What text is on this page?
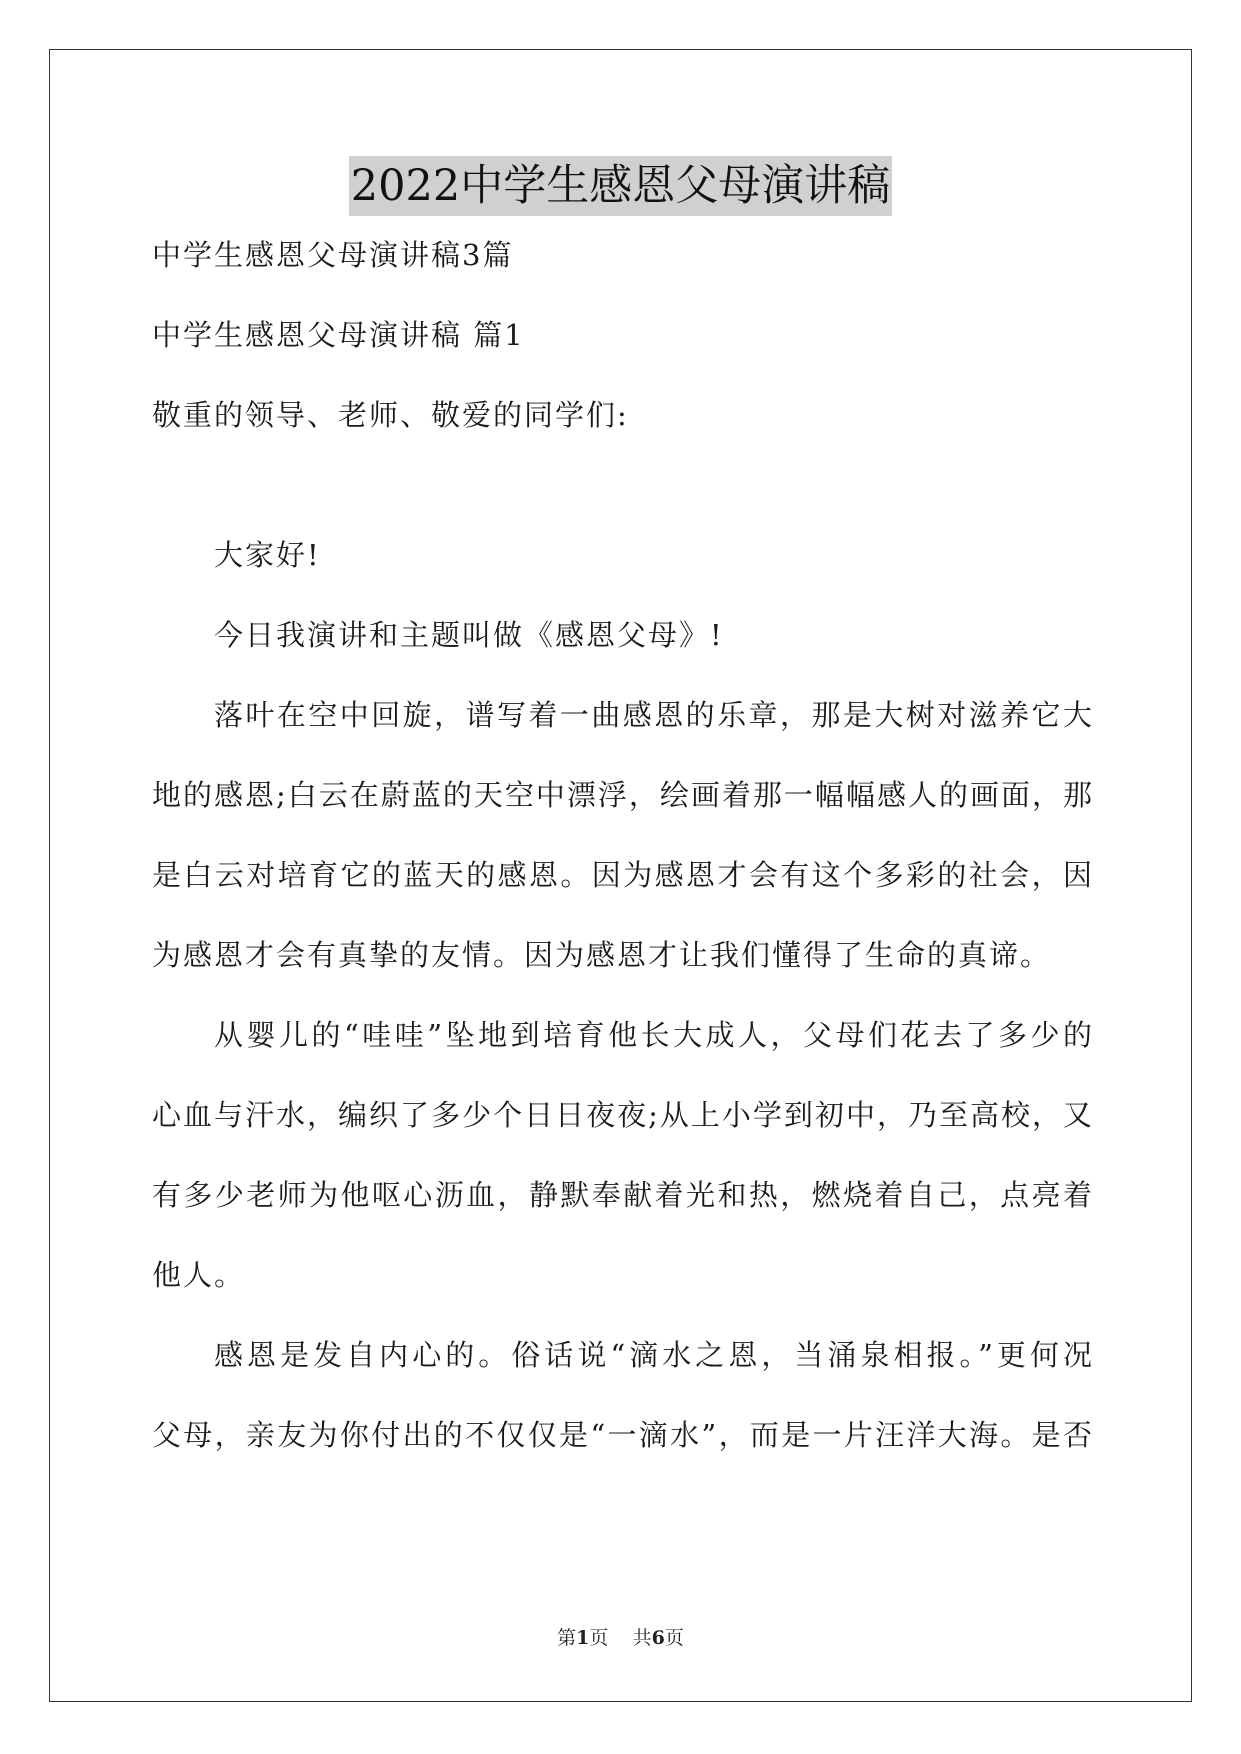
2022中学生感恩父母演讲稿
中学生感恩父母演讲稿3篇
中学生感恩父母演讲稿 篇1
敬重的领导、老师、敬爱的同学们:
大家好!
今日我演讲和主题叫做《感恩父母》!
落叶在空中回旋，谱写着一曲感恩的乐章，那是大树对滋养它大
地的感恩;白云在蔚蓝的天空中漂浮，绘画着那一幅幅感人的画面，那
是白云对培育它的蓝天的感恩。因为感恩才会有这个多彩的社会，因
为感恩才会有真挚的友情。因为感恩才让我们懂得了生命的真谛。
从婴儿的“哇哇”坠地到培育他长大成人，父母们花去了多少的
心血与汗水，编织了多少个日日夜夜;从上小学到初中，乃至高校，又
有多少老师为他呕心沥血，静默奉献着光和热，燃烧着自己，点亮着
他人。
感恩是发自内心的。俗话说“滴水之恩，当涌泉相报。”更何况
父母，亲友为你付出的不仅仅是“一滴水”，而是一片汪洋大海。是否
第1页 共6页
